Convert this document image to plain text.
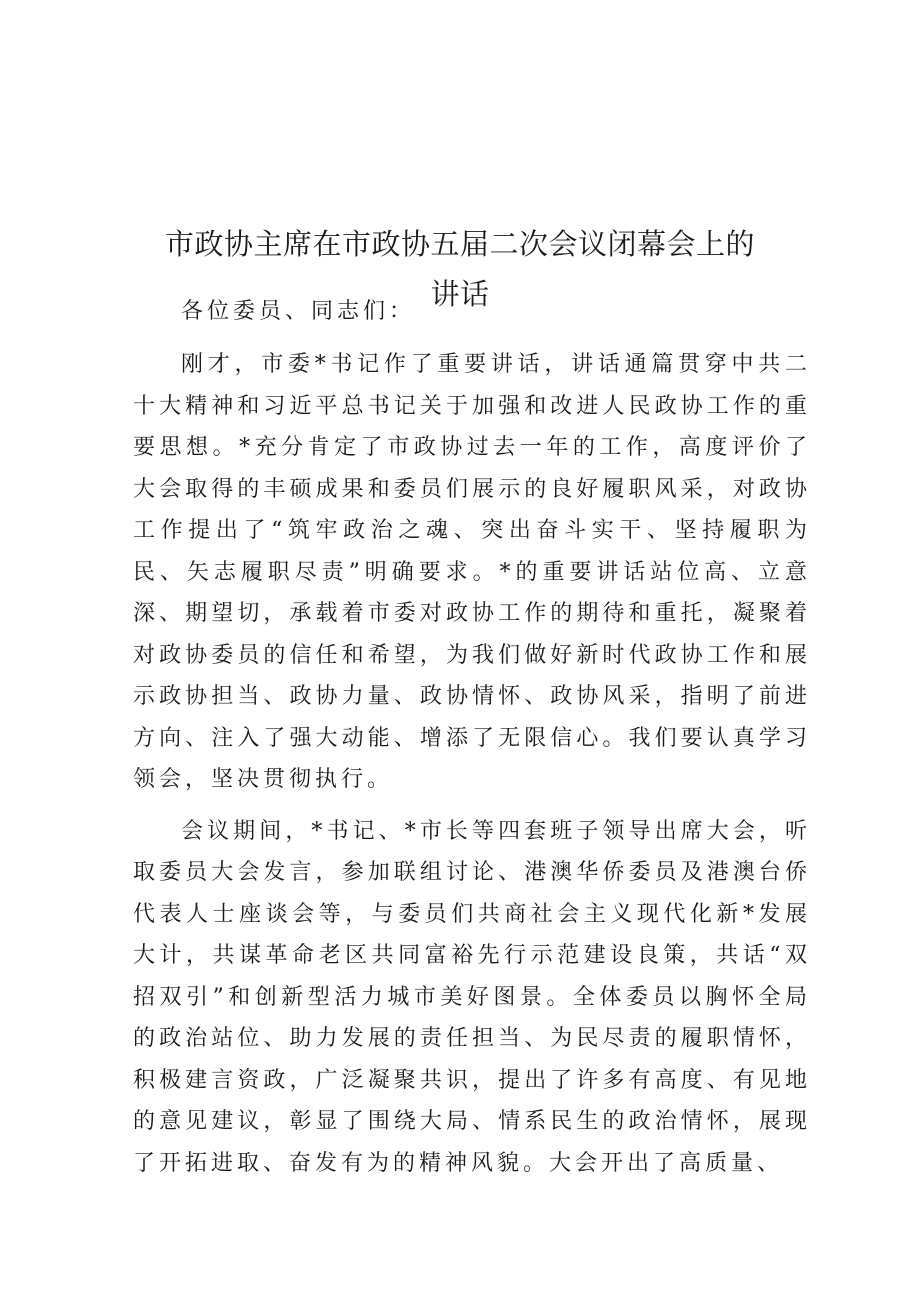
市政协主席在市政协五届二次会议闭幕会上的
讲话

各位委员、同志们：

刚才，市委*书记作了重要讲话，讲话通篇贯穿中共二十大精神和习近平总书记关于加强和改进人民政协工作的重要思想。*充分肯定了市政协过去一年的工作，高度评价了大会取得的丰硕成果和委员们展示的良好履职风采，对政协工作提出了“筑牢政治之魂、突出奋斗实干、坚持履职为民、矢志履职尽责”明确要求。*的重要讲话站位高、立意深、期望切，承载着市委对政协工作的期待和重托，凝聚着对政协委员的信任和希望，为我们做好新时代政协工作和展示政协担当、政协力量、政协情怀、政协风采，指明了前进方向、注入了强大动能、增添了无限信心。我们要认真学习领会，坚决贯彻执行。

会议期间，*书记、*市长等四套班子领导出席大会，听取委员大会发言，参加联组讨论、港澳华侨委员及港澳台侨代表人士座谈会等，与委员们共商社会主义现代化新*发展大计，共谋革命老区共同富裕先行示范建设良策，共话“双招双引”和创新型活力城市美好图景。全体委员以胸怀全局的政治站位、助力发展的责任担当、为民尽责的履职情怀，积极建言资政，广泛凝聚共识，提出了许多有高度、有见地的意见建议，彰显了围绕大局、情系民生的政治情怀，展现了开拓进取、奋发有为的精神风貌。大会开出了高质量、
